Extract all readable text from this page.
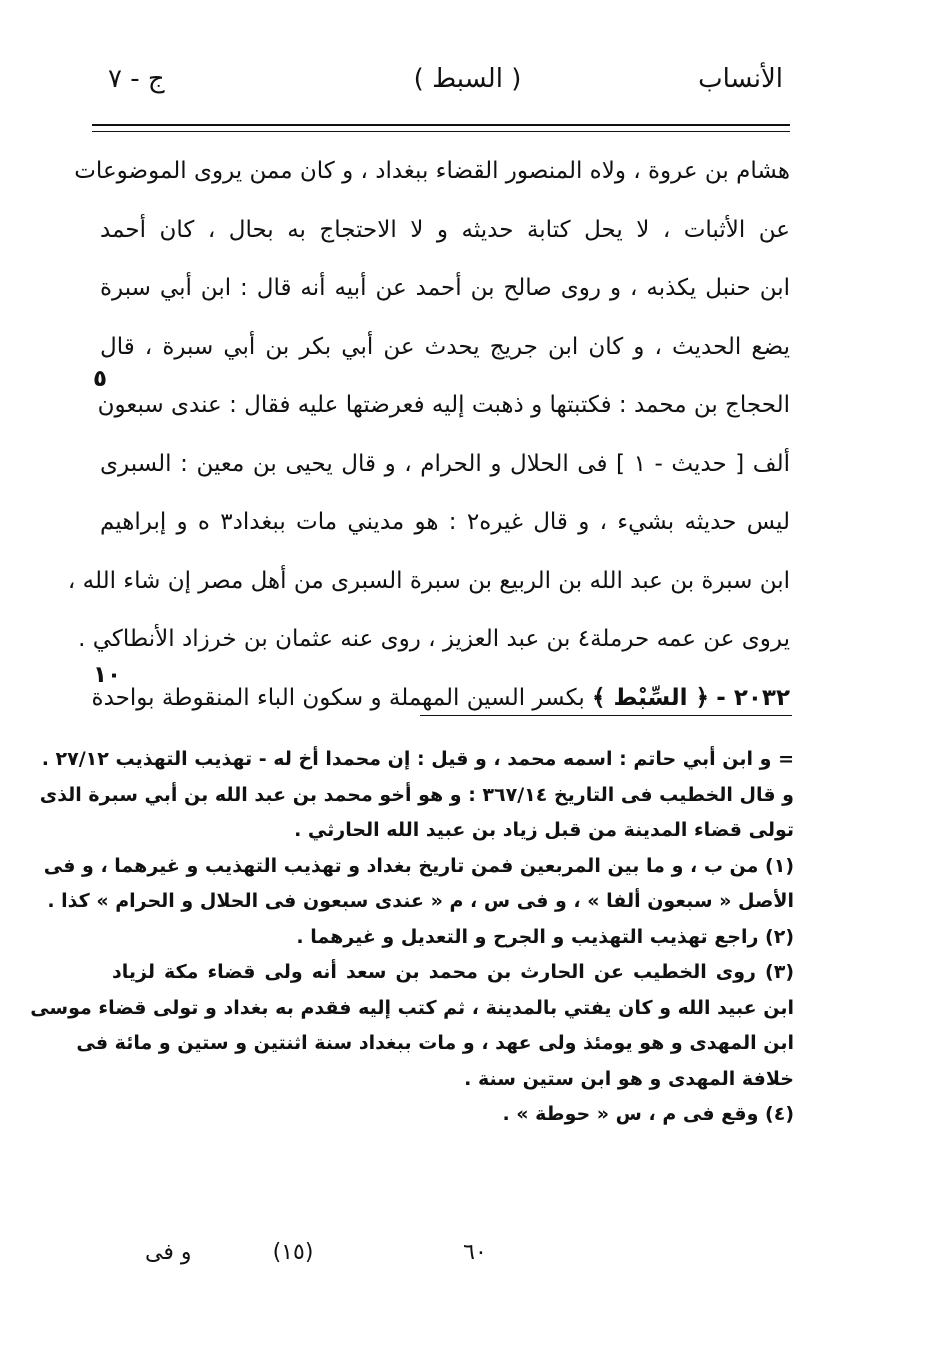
الأنساب
( السبط )
ج - ٧
٥
١٠
هشام بن عروة ، ولاه المنصور القضاء ببغداد ، و كان ممن يروى الموضوعات
عن الأثبات ، لا يحل كتابة حديثه و لا الاحتجاج به بحال ، كان أحمد
ابن حنبل يكذبه ، و روى صالح بن أحمد عن أبيه أنه قال : ابن أبي سبرة
يضع الحديث ، و كان ابن جريج يحدث عن أبي بكر بن أبي سبرة ، قال
الحجاج بن محمد : فكتبتها و ذهبت إليه فعرضتها عليه فقال : عندى سبعون
ألف [ حديث - ١ ] فى الحلال و الحرام ، و قال يحيى بن معين : السبرى
ليس حديثه بشيء ، و قال غيره٢ : هو مديني مات ببغداد٣ ه و إبراهيم
ابن سبرة بن عبد الله بن الربيع بن سبرة السبرى من أهل مصر إن شاء الله ،
يروى عن عمه حرملة٤ بن عبد العزيز ، روى عنه عثمان بن خرزاد الأنطاكي .
٢٠٣٢ - ﴿ السِّبْط ﴾ بكسر السين المهملة و سكون الباء المنقوطة بواحدة
= و ابن أبي حاتم : اسمه محمد ، و قيل : إن محمدا أخ له - تهذيب التهذيب ٢٧/١٢ .
و قال الخطيب فى التاريخ ٣٦٧/١٤ : و هو أخو محمد بن عبد الله بن أبي سبرة الذى
تولى قضاء المدينة من قبل زياد بن عبيد الله الحارثي .
(١) من ب ، و ما بين المربعين فمن تاريخ بغداد و تهذيب التهذيب و غيرهما ، و فى
الأصل « سبعون ألفا » ، و فى س ، م « عندى سبعون فى الحلال و الحرام » كذا .
(٢) راجع تهذيب التهذيب و الجرح و التعديل و غيرهما .
(٣) روى الخطيب عن الحارث بن محمد بن سعد أنه ولى قضاء مكة لزياد
ابن عبيد الله و كان يفتي بالمدينة ، ثم كتب إليه فقدم به بغداد و تولى قضاء موسى
ابن المهدى و هو يومئذ ولى عهد ، و مات ببغداد سنة اثنتين و ستين و مائة فى
خلافة المهدى و هو ابن ستين سنة .
(٤) وقع فى م ، س « حوطة » .
٦٠
(١٥)
و فى
